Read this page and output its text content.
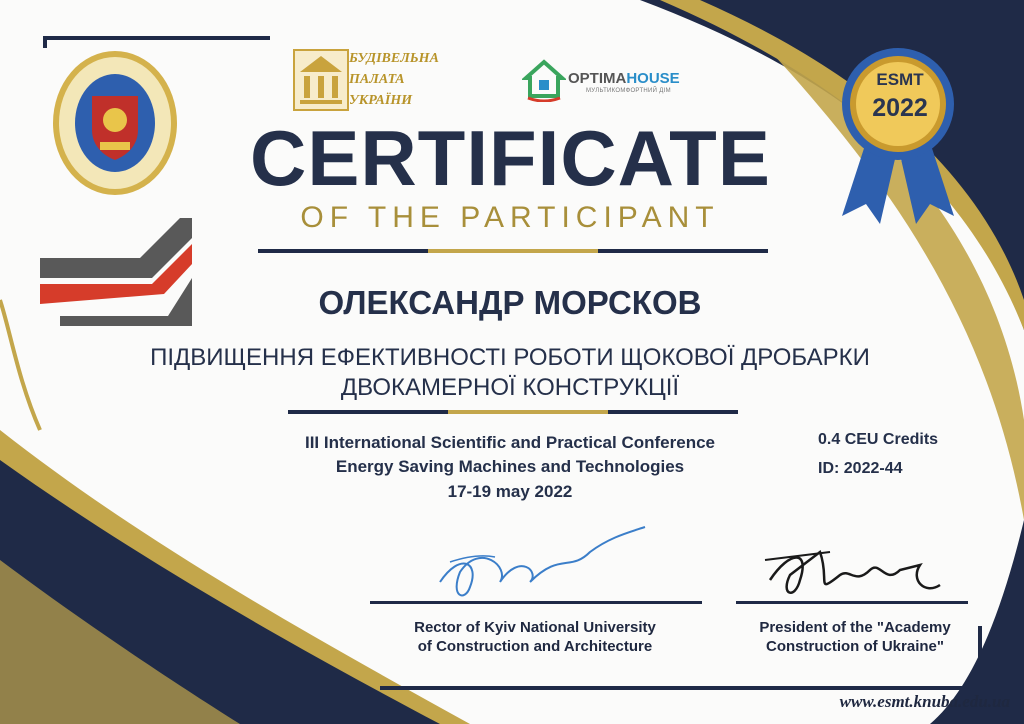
БУДІВЕЛЬНА ПАЛАТА УКРАЇНИ
OPTIMAHOUSE
МУЛЬТИКОМФОРТНИЙ ДІМ
ESMT
2022
CERTIFICATE
OF THE PARTICIPANT
ОЛЕКСАНДР МОРСКОВ
ПІДВИЩЕННЯ ЕФЕКТИВНОСТІ РОБОТИ ЩОКОВОЇ ДРОБАРКИ
ДВОКАМЕРНОЇ КОНСТРУКЦІЇ
III International Scientific and Practical Conference
Energy Saving Machines and Technologies
17-19 may 2022
0.4 CEU Credits
ID: 2022-44
Rector of Kyiv National University
of Construction and Architecture
President of the "Academy
Construction of Ukraine"
www.esmt.knuba.edu.ua
